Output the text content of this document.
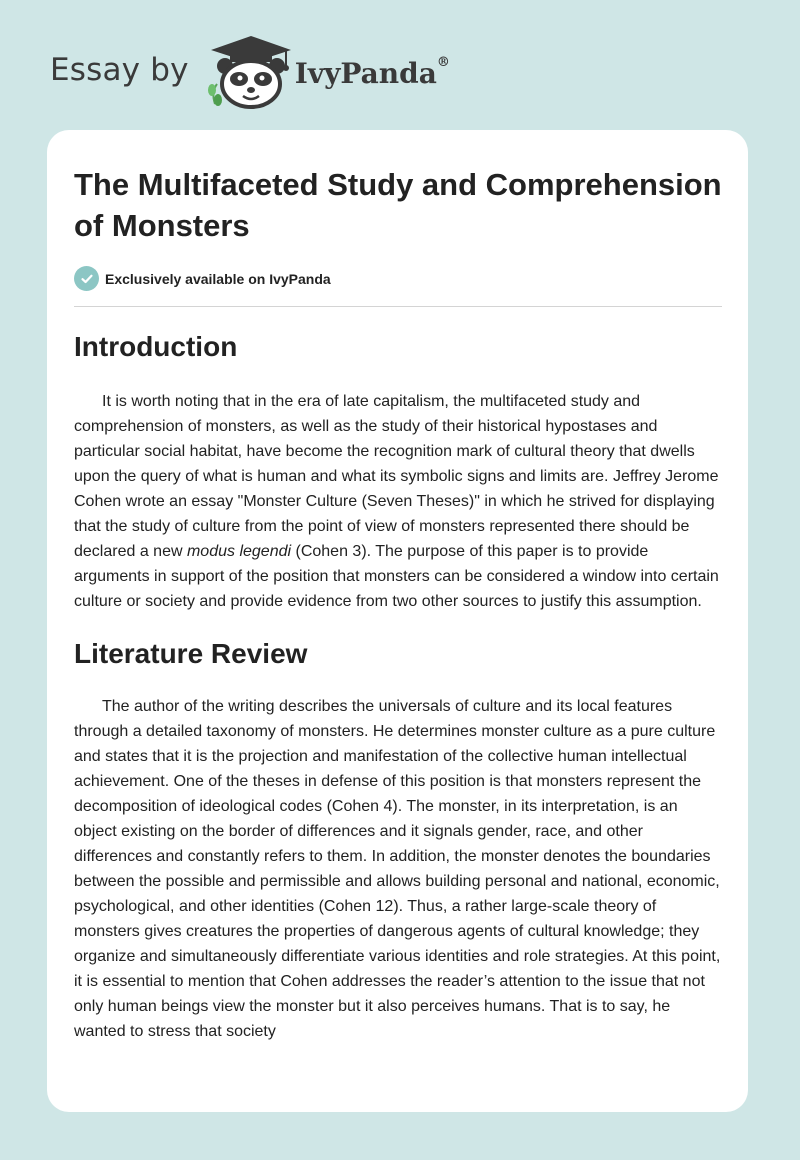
Essay by	IvyPanda®
The Multifaceted Study and Comprehension of Monsters
Exclusively available on IvyPanda
Introduction

It is worth noting that in the era of late capitalism, the multifaceted study and comprehension of monsters, as well as the study of their historical hypostases and particular social habitat, have become the recognition mark of cultural theory that dwells upon the query of what is human and what its symbolic signs and limits are. Jeffrey Jerome Cohen wrote an essay "Monster Culture (Seven Theses)" in which he strived for displaying that the study of culture from the point of view of monsters represented there should be declared a new modus legendi (Cohen 3). The purpose of this paper is to provide arguments in support of the position that monsters can be considered a window into certain culture or society and provide evidence from two other sources to justify this assumption.

Literature Review

The author of the writing describes the universals of culture and its local features through a detailed taxonomy of monsters. He determines monster culture as a pure culture and states that it is the projection and manifestation of the collective human intellectual achievement. One of the theses in defense of this position is that monsters represent the decomposition of ideological codes (Cohen 4). The monster, in its interpretation, is an object existing on the border of differences and it signals gender, race, and other differences and constantly refers to them. In addition, the monster denotes the boundaries between the possible and permissible and allows building personal and national, economic, psychological, and other identities (Cohen 12). Thus, a rather large-scale theory of monsters gives creatures the properties of dangerous agents of cultural knowledge; they organize and simultaneously differentiate various identities and role strategies. At this point, it is essential to mention that Cohen addresses the reader’s attention to the issue that not only human beings view the monster but it also perceives humans. That is to say, he wanted to stress that society
